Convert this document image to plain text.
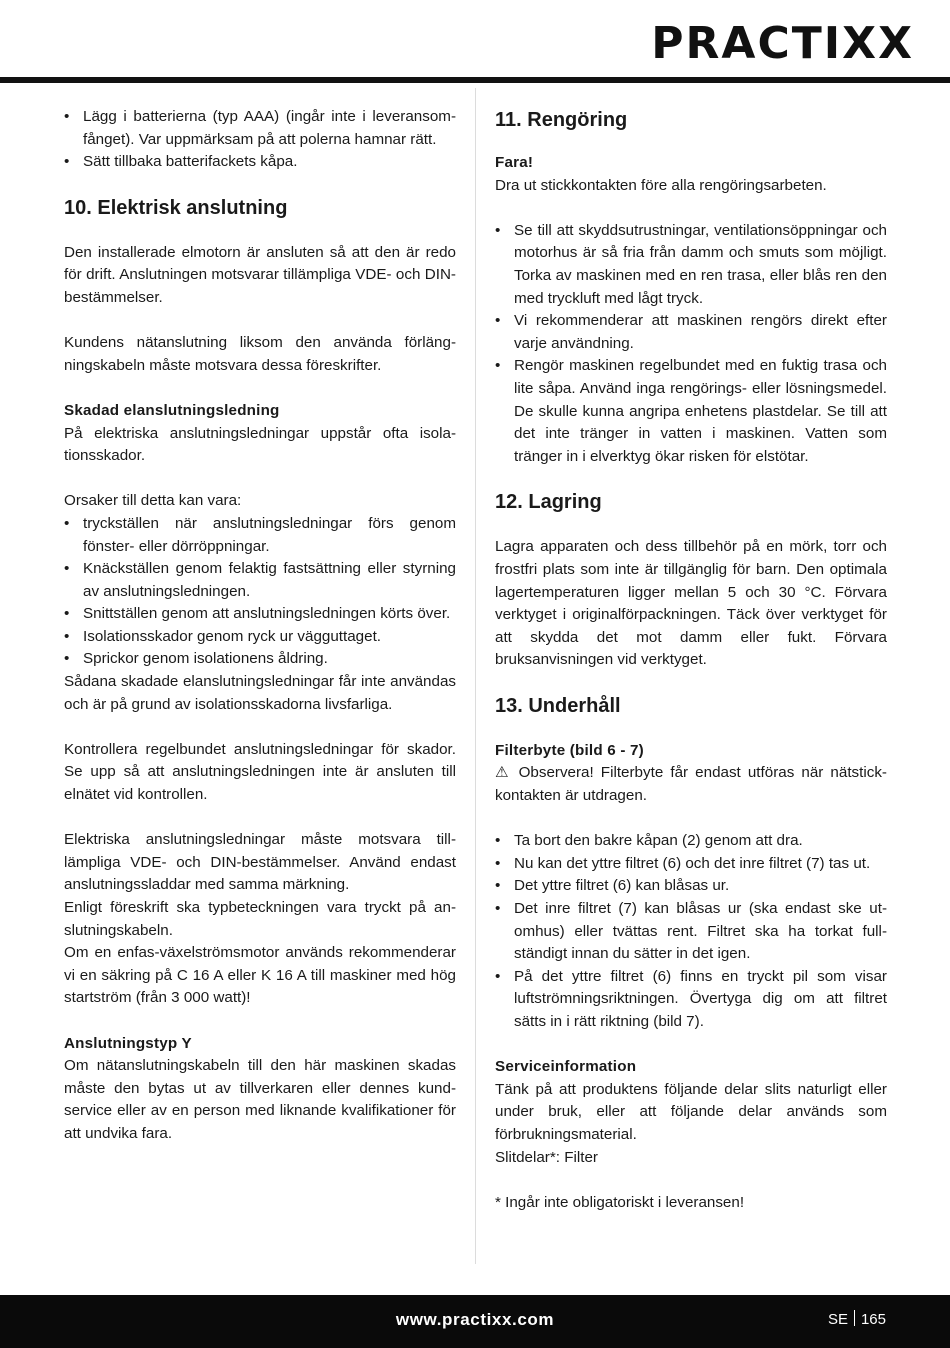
PRACTIXX
• Lägg i batterierna (typ AAA) (ingår inte i leveransomfånget). Var uppmärksam på att polerna hamnar rätt.
• Sätt tillbaka batterifackets kåpa.
10. Elektrisk anslutning

Den installerade elmotorn är ansluten så att den är redo för drift. Anslutningen motsvarar tillämpliga VDE- och DIN-bestämmelser.

Kundens nätanslutning liksom den använda förlängningskabeln måste motsvara dessa föreskrifter.

Skadad elanslutningsledning

På elektriska anslutningsledningar uppstår ofta isolationsskador.

Orsaker till detta kan vara:

• tryckställen när anslutningsledningar förs genom fönster- eller dörröppningar.
• Knäckställen genom felaktig fastsättning eller styrning av anslutningsledningen.
• Snittställen genom att anslutningsledningen körts över.
• Isolationsskador genom ryck ur vägguttaget.
• Sprickor genom isolationens åldring.

Sådana skadade elanslutningsledningar får inte användas och är på grund av isolationsskadorna livsfarliga.

Kontrollera regelbundet anslutningsledningar för skador. Se upp så att anslutningsledningen inte är ansluten till elnätet vid kontrollen.

Elektriska anslutningsledningar måste motsvara tilllämpliga VDE- och DIN-bestämmelser. Använd endast anslutningssladdar med samma märkning.

Enligt föreskrift ska typbeteckningen vara tryckt på anslutningskabeln.

Om en enfas-växelströmsmotor används rekommenderar vi en säkring på C 16 A eller K 16 A till maskiner med hög startström (från 3 000 watt)!

Anslutningstyp Y

Om nätanslutningskabeln till den här maskinen skadas måste den bytas ut av tillverkaren eller dennes kundservice eller av en person med liknande kvalifikationer för att undvika fara.

11. Rengöring

Fara!

Dra ut stickkontakten före alla rengöringsarbeten.

• Se till att skyddsutrustningar, ventilationsöppningar och motorhus är så fria från damm och smuts som möjligt. Torka av maskinen med en ren trasa, eller blås ren den med tryckluft med lågt tryck.
• Vi rekommenderar att maskinen rengörs direkt efter varje användning.
• Rengör maskinen regelbundet med en fuktig trasa och lite såpa. Använd inga rengörings- eller lösningsmedel. De skulle kunna angripa enhetens plastdelar. Se till att det inte tränger in vatten i maskinen. Vatten som tränger in i elverktyg ökar risken för elstötar.
12. Lagring

Lagra apparaten och dess tillbehör på en mörk, torr och frostfri plats som inte är tillgänglig för barn. Den optimala lagertemperaturen ligger mellan 5 och 30 °C. Förvara verktyget i originalförpackningen. Täck över verktyget för att skydda det mot damm eller fukt. Förvara bruksanvisningen vid verktyget.

13. Underhåll

Filterbyte (bild 6 - 7)

⚠ Observera! Filterbyte får endast utföras när nätstickkontakten är utdragen.

• Ta bort den bakre kåpan (2) genom att dra.
• Nu kan det yttre filtret (6) och det inre filtret (7) tas ut.
• Det yttre filtret (6) kan blåsas ur.
• Det inre filtret (7) kan blåsas ur (ska endast ske utomhus) eller tvättas rent. Filtret ska ha torkat fullständigt innan du sätter in det igen.
• På det yttre filtret (6) finns en tryckt pil som visar luftströmningsriktningen. Övertyga dig om att filtret sätts in i rätt riktning (bild 7).

Serviceinformation

Tänk på att produktens följande delar slits naturligt eller under bruk, eller att följande delar används som förbrukningsmaterial.

Slitdelar*: Filter

* Ingår inte obligatoriskt i leveransen!

www.practixx.com	SE 165
